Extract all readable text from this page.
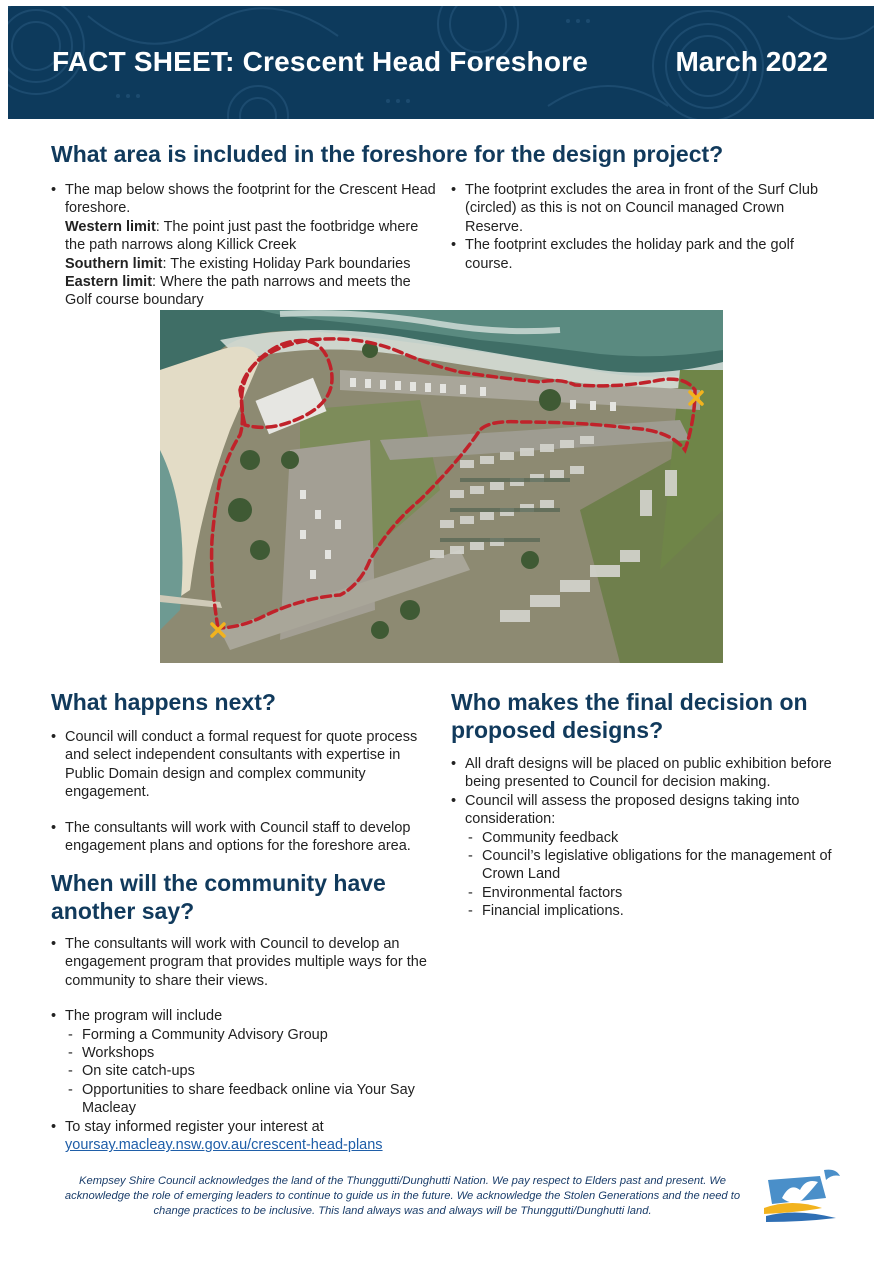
FACT SHEET: Crescent Head Foreshore	March 2022
What area is included in the foreshore for the design project?
• The map below shows the footprint for the Crescent Head foreshore.
Western limit: The point just past the footbridge where the path narrows along Killick Creek
Southern limit: The existing Holiday Park boundaries
Eastern limit: Where the path narrows and meets the Golf course boundary
• The footprint excludes the area in front of the Surf Club (circled) as this is not on Council managed Crown Reserve.
• The footprint excludes the holiday park and the golf course.
What happens next?
• Council will conduct a formal request for quote process and select independent consultants with expertise in Public Domain design and complex community engagement.
• The consultants will work with Council staff to develop engagement plans and options for the foreshore area.
When will the community have another say?
• The consultants will work with Council to develop an engagement program that provides multiple ways for the community to share their views.
• The program will include
- Forming a Community Advisory Group
- Workshops
- On site catch-ups
- Opportunities to share feedback online via Your Say Macleay
• To stay informed register your interest at
yoursay.macleay.nsw.gov.au/crescent-head-plans
Who makes the final decision on proposed designs?
• All draft designs will be placed on public exhibition before being presented to Council for decision making.
• Council will assess the proposed designs taking into consideration:
- Community feedback
- Council’s legislative obligations for the management of Crown Land
- Environmental factors
- Financial implications.
Kempsey Shire Council acknowledges the land of the Thunggutti/Dunghutti Nation. We pay respect to Elders past and present. We acknowledge the role of emerging leaders to continue to guide us in the future. We acknowledge the Stolen Generations and the need to change practices to be inclusive. This land always was and always will be Thunggutti/Dunghutti land.
